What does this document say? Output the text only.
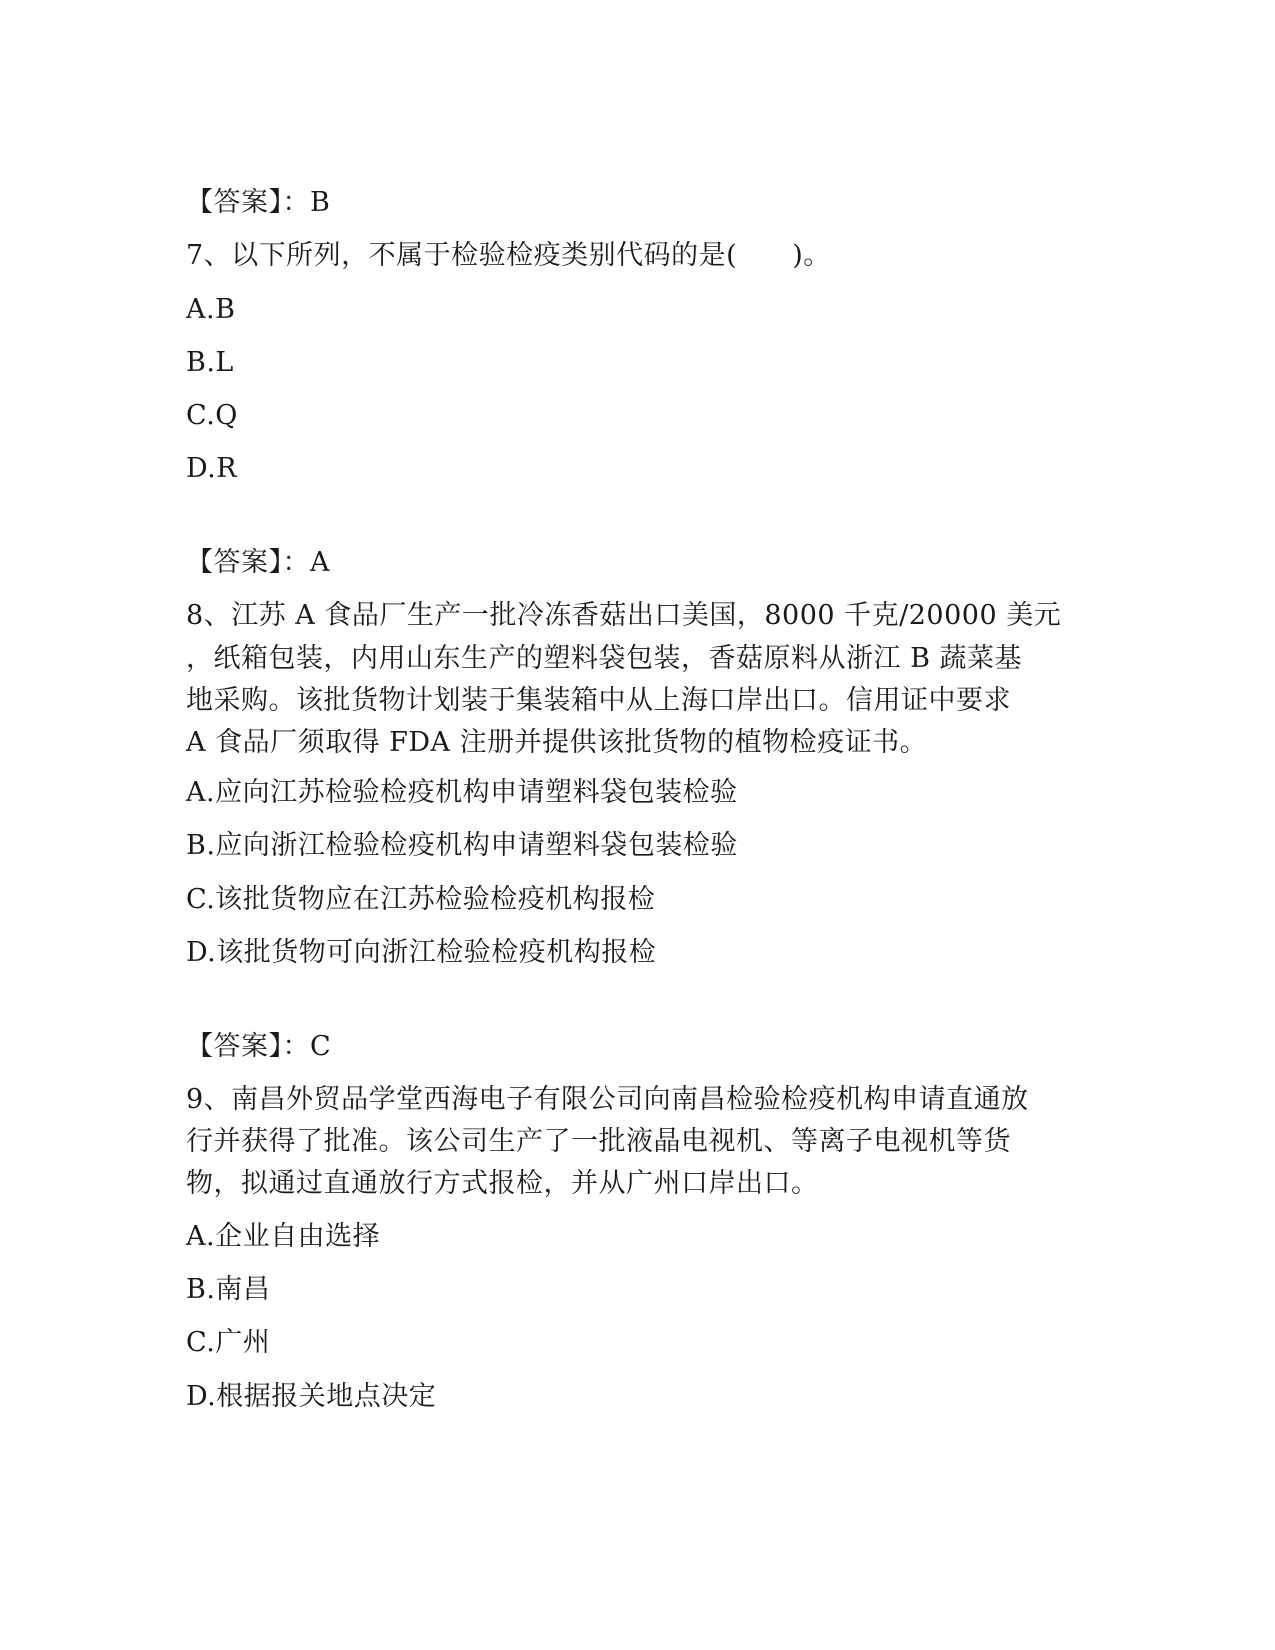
【答案】：B
7、以下所列，不属于检验检疫类别代码的是(　　)。
A.B
B.L
C.Q
D.R
【答案】：A
8、江苏 A 食品厂生产一批冷冻香菇出口美国，8000 千克/20000 美元
，纸箱包装，内用山东生产的塑料袋包装，香菇原料从浙江 B 蔬菜基
地采购。该批货物计划装于集装箱中从上海口岸出口。信用证中要求
A 食品厂须取得 FDA 注册并提供该批货物的植物检疫证书。
A.应向江苏检验检疫机构申请塑料袋包装检验
B.应向浙江检验检疫机构申请塑料袋包装检验
C.该批货物应在江苏检验检疫机构报检
D.该批货物可向浙江检验检疫机构报检
【答案】：C
9、南昌外贸品学堂西海电子有限公司向南昌检验检疫机构申请直通放
行并获得了批准。该公司生产了一批液晶电视机、等离子电视机等货
物，拟通过直通放行方式报检，并从广州口岸出口。
A.企业自由选择
B.南昌
C.广州
D.根据报关地点决定
